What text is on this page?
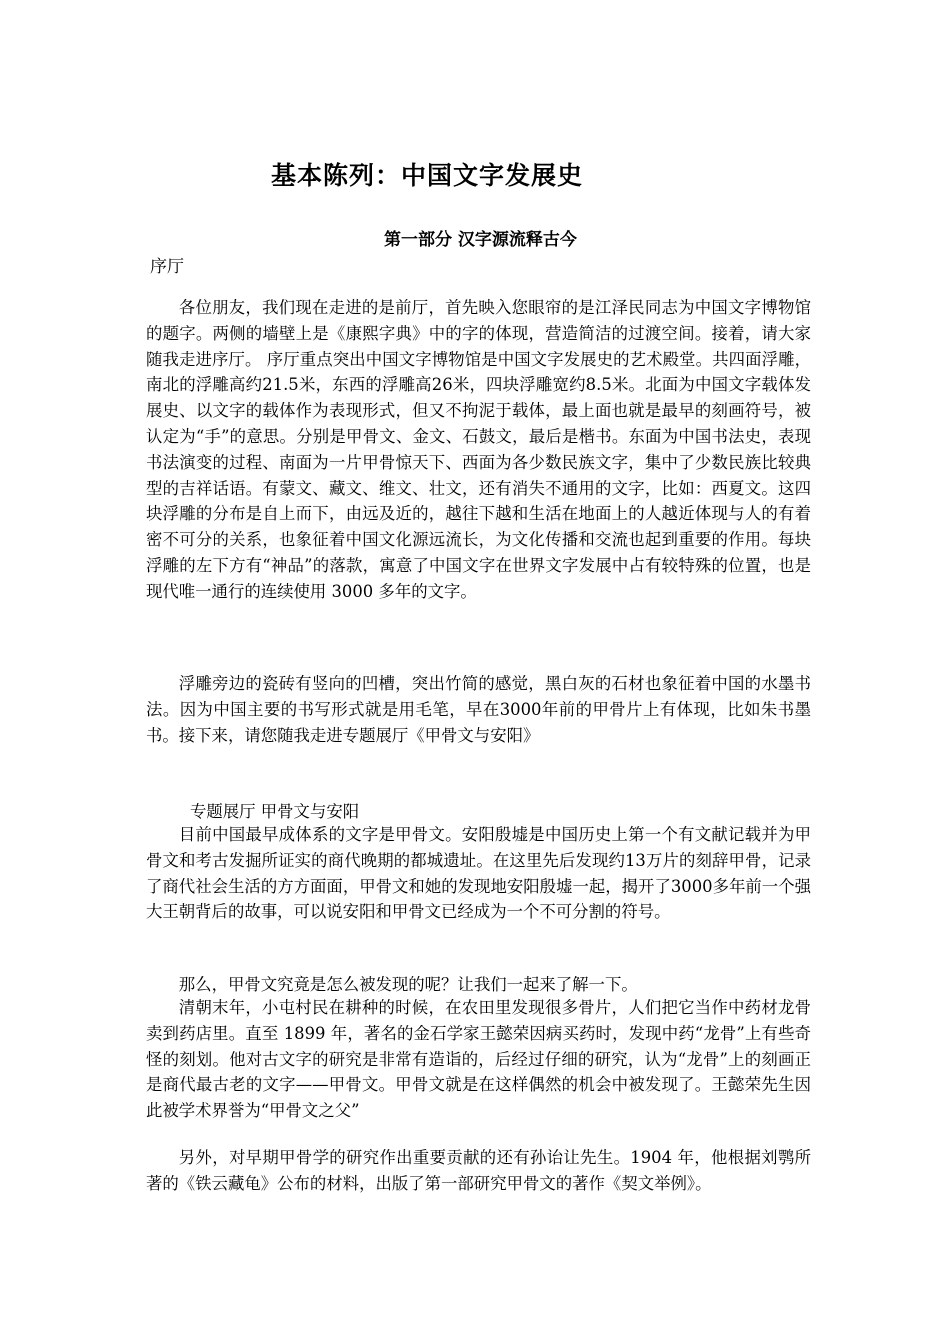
基本陈列：中国文字发展史
第一部分 汉字源流释古今
序厅

各位朋友，我们现在走进的是前厅，首先映入您眼帘的是江泽民同志为中国文字博物馆的题字。两侧的墙壁上是《康熙字典》中的字的体现，营造简洁的过渡空间。接着，请大家随我走进序厅。 序厅重点突出中国文字博物馆是中国文字发展史的艺术殿堂。共四面浮雕，南北的浮雕高约21.5米，东西的浮雕高26米，四块浮雕宽约8.5米。北面为中国文字载体发展史、以文字的载体作为表现形式，但又不拘泥于载体，最上面也就是最早的刻画符号，被认定为“手”的意思。分别是甲骨文、金文、石鼓文，最后是楷书。东面为中国书法史，表现书法演变的过程、南面为一片甲骨惊天下、西面为各少数民族文字，集中了少数民族比较典型的吉祥话语。有蒙文、藏文、维文、壮文，还有消失不通用的文字，比如：西夏文。这四块浮雕的分布是自上而下，由远及近的，越往下越和生活在地面上的人越近体现与人的有着密不可分的关系，也象征着中国文化源远流长，为文化传播和交流也起到重要的作用。每块浮雕的左下方有“神品”的落款，寓意了中国文字在世界文字发展中占有较特殊的位置，也是现代唯一通行的连续使用 3000 多年的文字。

浮雕旁边的瓷砖有竖向的凹槽，突出竹简的感觉，黑白灰的石材也象征着中国的水墨书法。因为中国主要的书写形式就是用毛笔，早在3000年前的甲骨片上有体现，比如朱书墨书。接下来，请您随我走进专题展厅《甲骨文与安阳》

专题展厅 甲骨文与安阳

目前中国最早成体系的文字是甲骨文。安阳殷墟是中国历史上第一个有文献记载并为甲骨文和考古发掘所证实的商代晚期的都城遗址。在这里先后发现约13万片的刻辞甲骨，记录了商代社会生活的方方面面，甲骨文和她的发现地安阳殷墟一起，揭开了3000多年前一个强大王朝背后的故事，可以说安阳和甲骨文已经成为一个不可分割的符号。

那么，甲骨文究竟是怎么被发现的呢？让我们一起来了解一下。

清朝末年，小屯村民在耕种的时候，在农田里发现很多骨片，人们把它当作中药材龙骨卖到药店里。直至 1899 年，著名的金石学家王懿荣因病买药时，发现中药“龙骨”上有些奇怪的刻划。他对古文字的研究是非常有造诣的，后经过仔细的研究，认为“龙骨”上的刻画正是商代最古老的文字——甲骨文。甲骨文就是在这样偶然的机会中被发现了。王懿荣先生因此被学术界誉为“甲骨文之父”

另外，对早期甲骨学的研究作出重要贡献的还有孙诒让先生。1904 年，他根据刘鹗所著的《铁云藏龟》公布的材料，出版了第一部研究甲骨文的著作《契文举例》。
